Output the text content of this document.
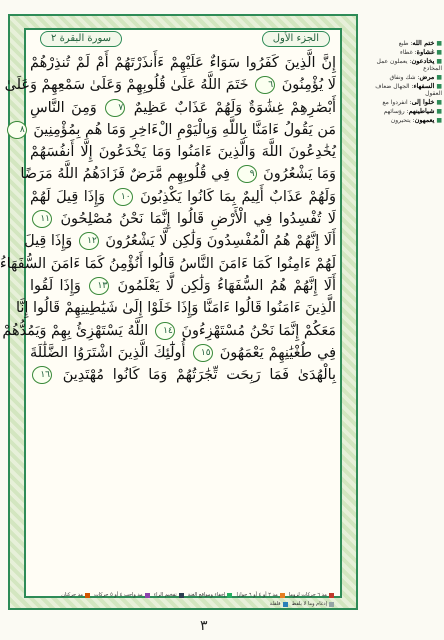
الجزء الأول
سورة البقرة ٢
إِنَّ الَّذِينَ كَفَرُوا سَوَاءٌ عَلَيْهِمْ ءَأَنذَرْتَهُمْ أَمْ لَمْ تُنذِرْهُمْ
لَا يُؤْمِنُونَ ٦ خَتَمَ اللَّهُ عَلَىٰ قُلُوبِهِمْ وَعَلَىٰ سَمْعِهِمْ وَعَلَىٰ
أَبْصَٰرِهِمْ غِشَٰوَةٌ وَلَهُمْ عَذَابٌ عَظِيمٌ ٧ وَمِنَ النَّاسِ
مَن يَقُولُ ءَامَنَّا بِاللَّهِ وَبِالْيَوْمِ الْءَاخِرِ وَمَا هُم بِمُؤْمِنِينَ ٨
يُخَٰدِعُونَ اللَّهَ وَالَّذِينَ ءَامَنُوا وَمَا يَخْدَعُونَ إِلَّا أَنفُسَهُمْ
وَمَا يَشْعُرُونَ ٩ فِي قُلُوبِهِم مَّرَضٌ فَزَادَهُمُ اللَّهُ مَرَضًا
وَلَهُمْ عَذَابٌ أَلِيمٌ بِمَا كَانُوا يَكْذِبُونَ ١٠ وَإِذَا قِيلَ لَهُمْ
لَا تُفْسِدُوا فِي الْأَرْضِ قَالُوا إِنَّمَا نَحْنُ مُصْلِحُونَ ١١
أَلَا إِنَّهُمْ هُمُ الْمُفْسِدُونَ وَلَٰكِن لَّا يَشْعُرُونَ ١٢ وَإِذَا قِيلَ
لَهُمْ ءَامِنُوا كَمَا ءَامَنَ النَّاسُ قَالُوا أَنُؤْمِنُ كَمَا ءَامَنَ السُّفَهَاءُ
أَلَا إِنَّهُمْ هُمُ السُّفَهَاءُ وَلَٰكِن لَّا يَعْلَمُونَ ١٣ وَإِذَا لَقُوا
الَّذِينَ ءَامَنُوا قَالُوا ءَامَنَّا وَإِذَا خَلَوْا إِلَىٰ شَيَٰطِينِهِمْ قَالُوا إِنَّا
مَعَكُمْ إِنَّمَا نَحْنُ مُسْتَهْزِءُونَ ١٤ اللَّهُ يَسْتَهْزِئُ بِهِمْ وَيَمُدُّهُمْ
فِي طُغْيَٰنِهِمْ يَعْمَهُونَ ١٥ أُولَٰٓئِكَ الَّذِينَ اشْتَرَوُا الضَّلَٰلَةَ
بِالْهُدَىٰ فَمَا رَبِحَت تِّجَٰرَتُهُمْ وَمَا كَانُوا مُهْتَدِينَ ١٦
مد ٦ حركات لزوما
مد ٢ أو ٤ أو ٦ جوازا
إخفاء ومواقع الغنة
تفخيم الراء
مد واجب ٤ أو ٥ حركات
مد حركتان
إدغام وما لا يلفظ
قلقلة
٣
■ ختم الله: طبع
■ غشاوة: غطاء
■ يخادعون: يعملون عمل المخادع
■ مرض: شك ونفاق
■ السفهاء: الجهال ضعاف العقول
■ خلوا إلى: انفردوا مع
■ شياطينهم: رؤسائهم
■ يعمهون: يتحيرون
